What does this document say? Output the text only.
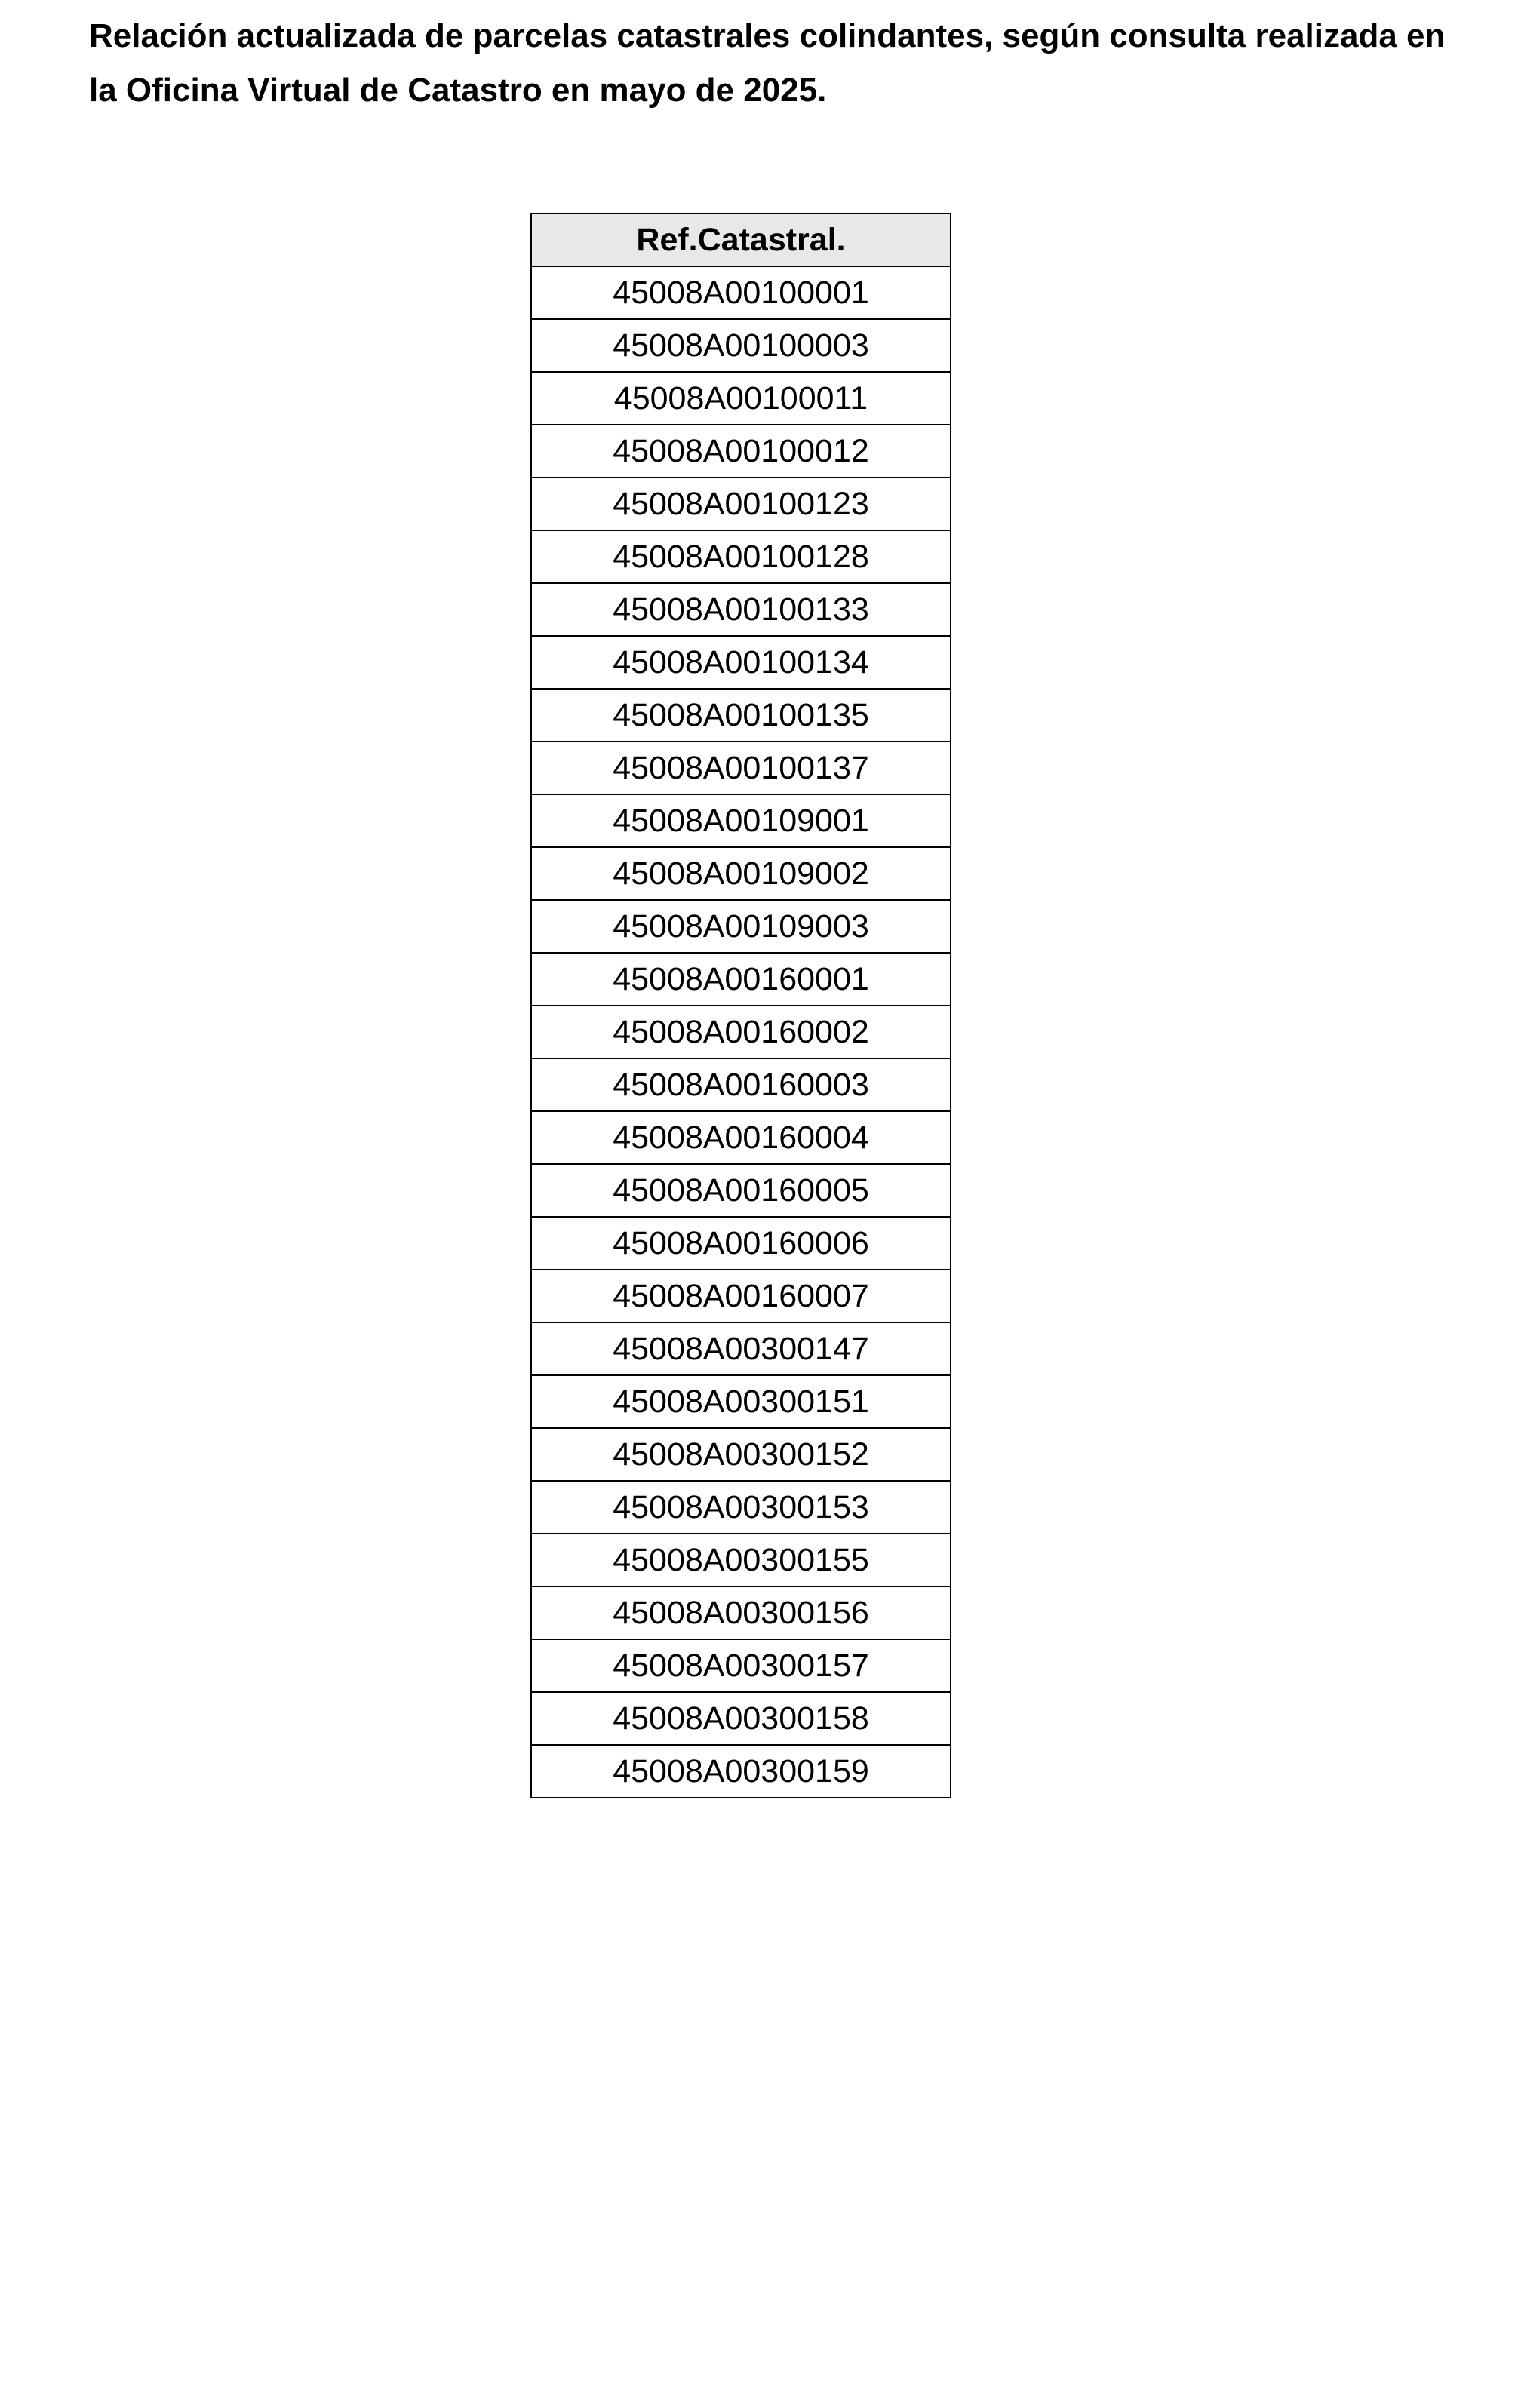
Relación actualizada de parcelas catastrales colindantes, según consulta realizada en
la Oficina Virtual de Catastro en mayo de 2025.
Ref.Catastral.
45008A00100001
45008A00100003
45008A00100011
45008A00100012
45008A00100123
45008A00100128
45008A00100133
45008A00100134
45008A00100135
45008A00100137
45008A00109001
45008A00109002
45008A00109003
45008A00160001
45008A00160002
45008A00160003
45008A00160004
45008A00160005
45008A00160006
45008A00160007
45008A00300147
45008A00300151
45008A00300152
45008A00300153
45008A00300155
45008A00300156
45008A00300157
45008A00300158
45008A00300159
